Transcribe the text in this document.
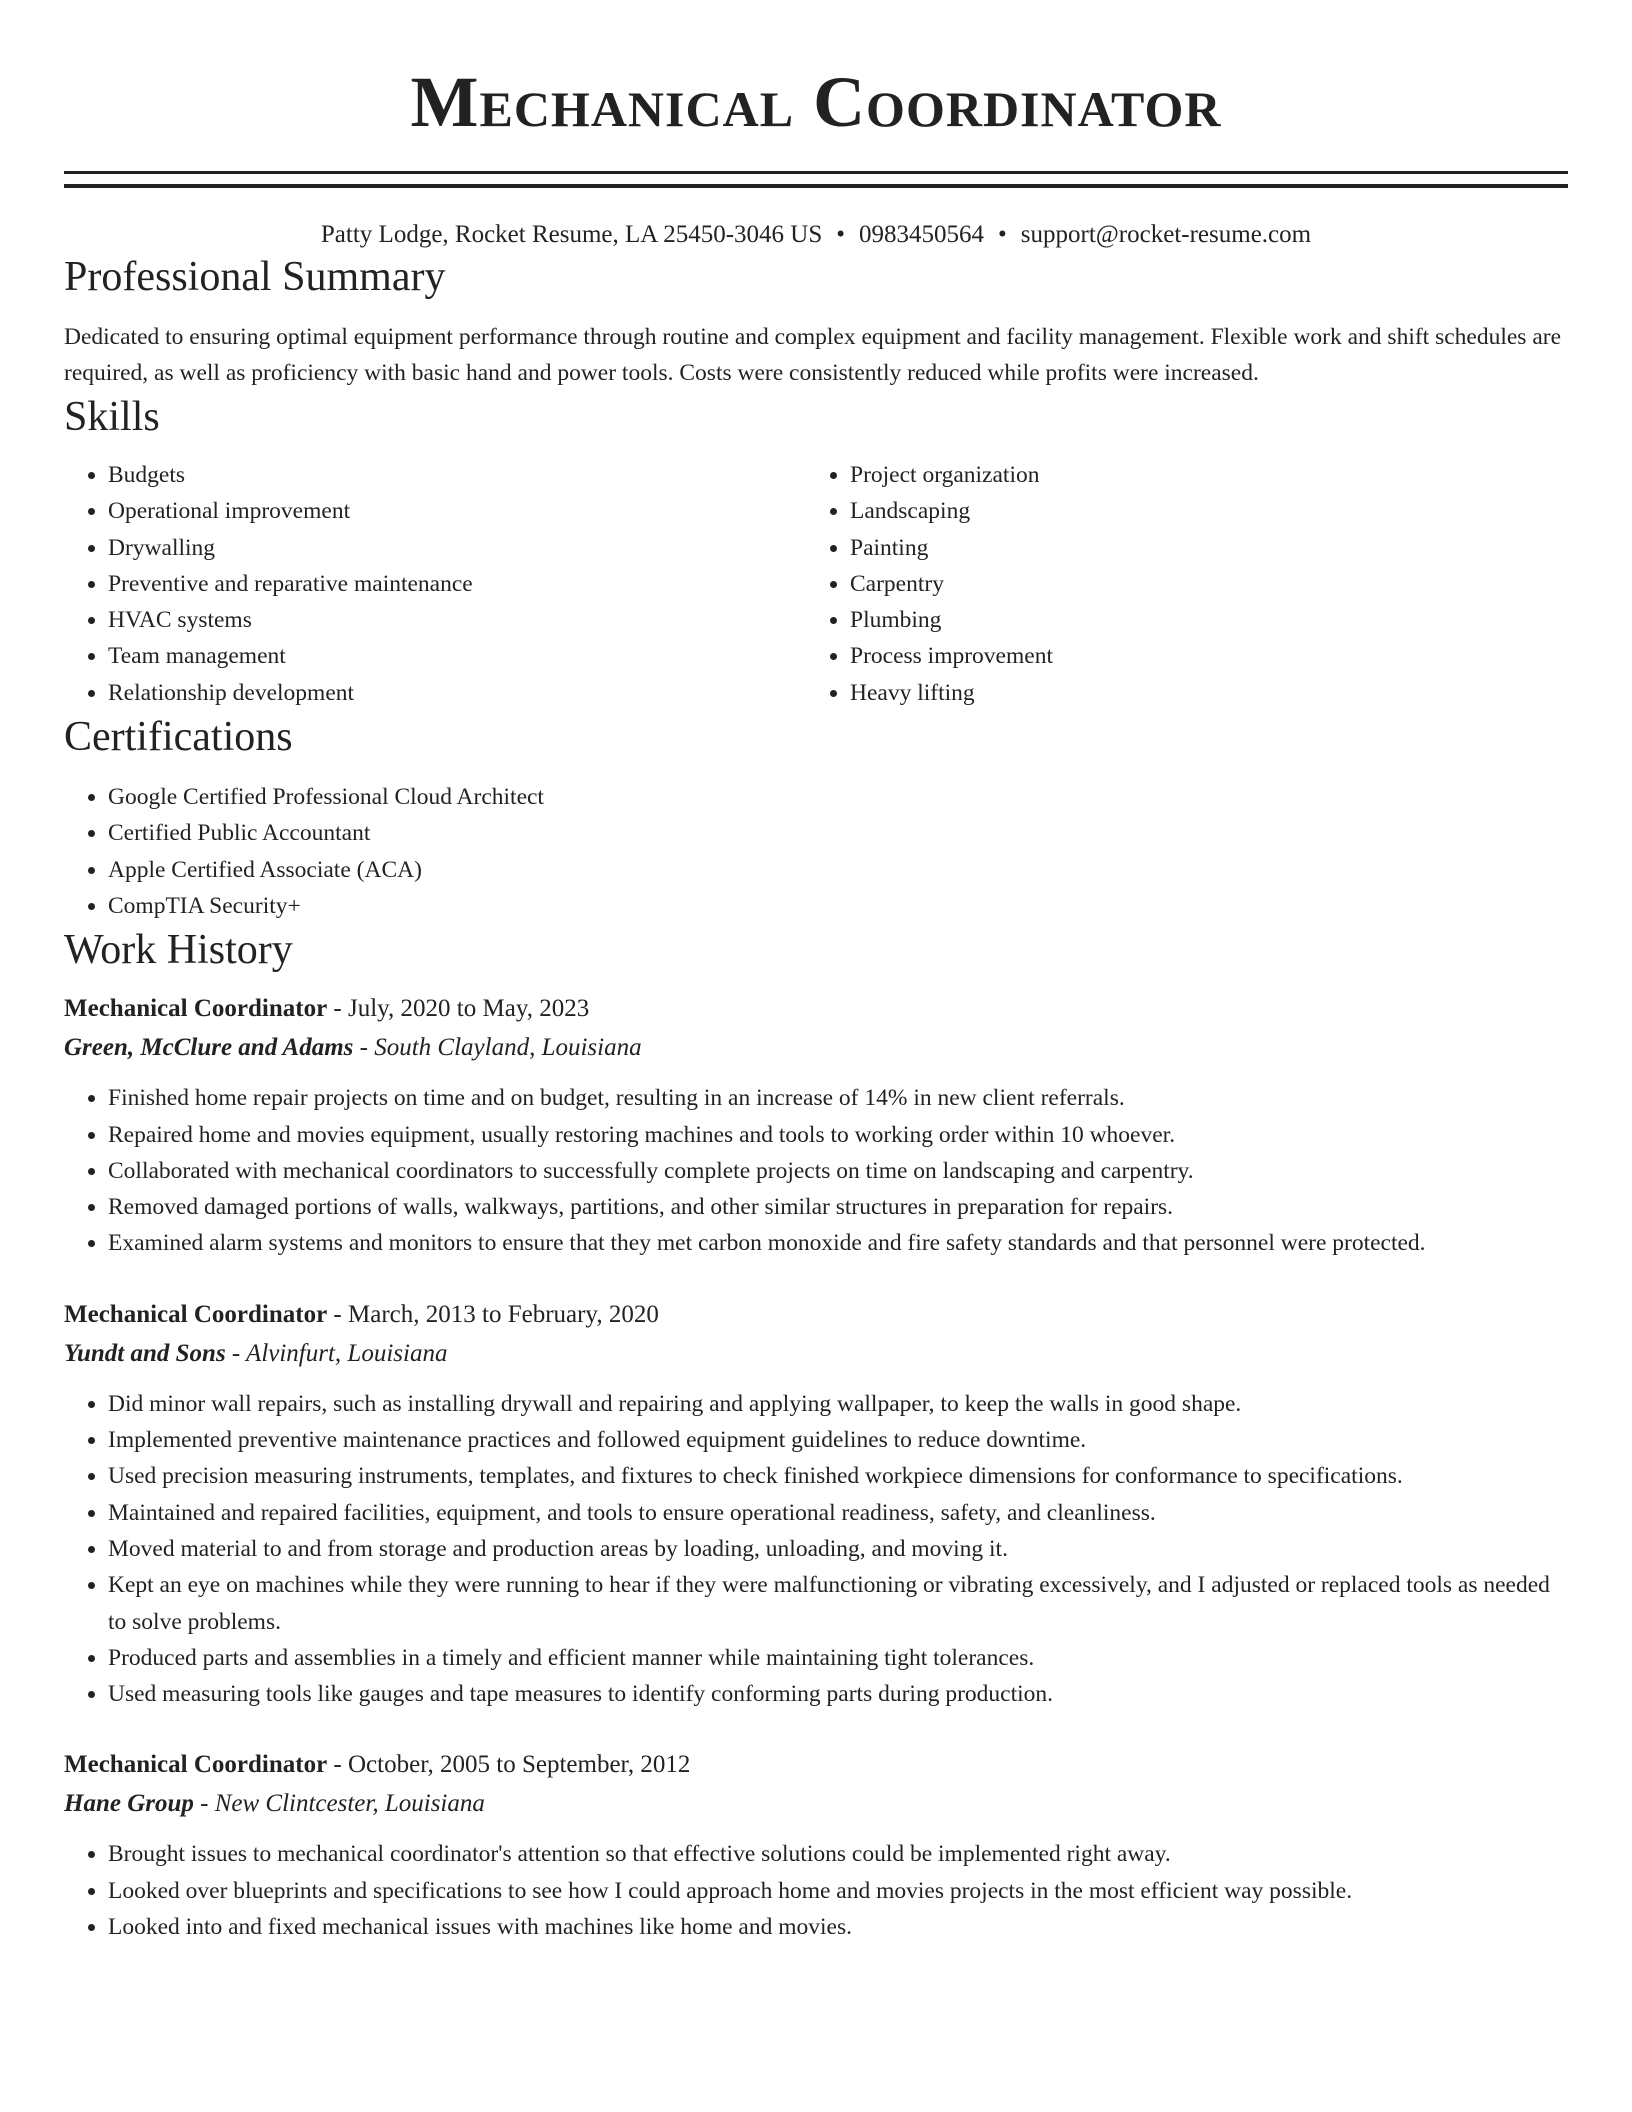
Mechanical Coordinator
Patty Lodge, Rocket Resume, LA 25450-3046 US • 0983450564 • support@rocket-resume.com
Professional Summary

Dedicated to ensuring optimal equipment performance through routine and complex equipment and facility management. Flexible work and shift schedules are required, as well as proficiency with basic hand and power tools. Costs were consistently reduced while profits were increased.

Skills
• Budgets
• Operational improvement
• Drywalling
• Preventive and reparative maintenance
• HVAC systems
• Team management
• Relationship development
• Project organization
• Landscaping
• Painting
• Carpentry
• Plumbing
• Process improvement
• Heavy lifting
Certifications
• Google Certified Professional Cloud Architect
• Certified Public Accountant
• Apple Certified Associate (ACA)
• CompTIA Security+
Work History
Mechanical Coordinator - July, 2020 to May, 2023
Green, McClure and Adams - South Clayland, Louisiana
• Finished home repair projects on time and on budget, resulting in an increase of 14% in new client referrals.
• Repaired home and movies equipment, usually restoring machines and tools to working order within 10 whoever.
• Collaborated with mechanical coordinators to successfully complete projects on time on landscaping and carpentry.
• Removed damaged portions of walls, walkways, partitions, and other similar structures in preparation for repairs.
• Examined alarm systems and monitors to ensure that they met carbon monoxide and fire safety standards and that personnel were protected.
Mechanical Coordinator - March, 2013 to February, 2020
Yundt and Sons - Alvinfurt, Louisiana
• Did minor wall repairs, such as installing drywall and repairing and applying wallpaper, to keep the walls in good shape.
• Implemented preventive maintenance practices and followed equipment guidelines to reduce downtime.
• Used precision measuring instruments, templates, and fixtures to check finished workpiece dimensions for conformance to specifications.
• Maintained and repaired facilities, equipment, and tools to ensure operational readiness, safety, and cleanliness.
• Moved material to and from storage and production areas by loading, unloading, and moving it.
• Kept an eye on machines while they were running to hear if they were malfunctioning or vibrating excessively, and I adjusted or replaced tools as needed to solve problems.
• Produced parts and assemblies in a timely and efficient manner while maintaining tight tolerances.
• Used measuring tools like gauges and tape measures to identify conforming parts during production.
Mechanical Coordinator - October, 2005 to September, 2012
Hane Group - New Clintcester, Louisiana
• Brought issues to mechanical coordinator's attention so that effective solutions could be implemented right away.
• Looked over blueprints and specifications to see how I could approach home and movies projects in the most efficient way possible.
• Looked into and fixed mechanical issues with machines like home and movies.
